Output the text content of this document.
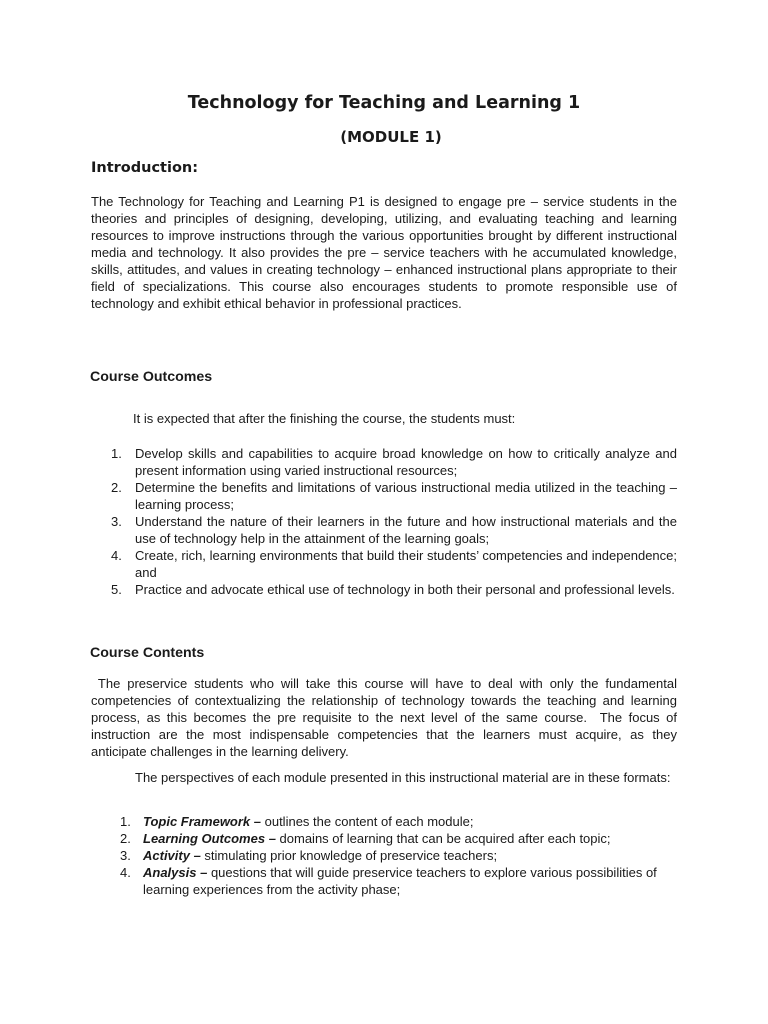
Technology for Teaching and Learning 1
(MODULE 1)
Introduction:

The Technology for Teaching and Learning P1 is designed to engage pre – service students in the theories and principles of designing, developing, utilizing, and evaluating teaching and learning resources to improve instructions through the various opportunities brought by different instructional media and technology. It also provides the pre – service teachers with he accumulated knowledge, skills, attitudes, and values in creating technology – enhanced instructional plans appropriate to their field of specializations. This course also encourages students to promote responsible use of technology and exhibit ethical behavior in professional practices.

Course Outcomes

It is expected that after the finishing the course, the students must:

1. Develop skills and capabilities to acquire broad knowledge on how to critically analyze and present information using varied instructional resources;
2. Determine the benefits and limitations of various instructional media utilized in the teaching – learning process;
3. Understand the nature of their learners in the future and how instructional materials and the use of technology help in the attainment of the learning goals;
4. Create, rich, learning environments that build their students’ competencies and independence; and
5. Practice and advocate ethical use of technology in both their personal and professional levels.
Course Contents

The preservice students who will take this course will have to deal with only the fundamental competencies of contextualizing the relationship of technology towards the teaching and learning process, as this becomes the pre requisite to the next level of the same course.  The focus of instruction are the most indispensable competencies that the learners must acquire, as they anticipate challenges in the learning delivery.

The perspectives of each module presented in this instructional material are in these formats:

1. Topic Framework – outlines the content of each module;
2. Learning Outcomes – domains of learning that can be acquired after each topic;
3. Activity – stimulating prior knowledge of preservice teachers;
4. Analysis – questions that will guide preservice teachers to explore various possibilities of learning experiences from the activity phase;
